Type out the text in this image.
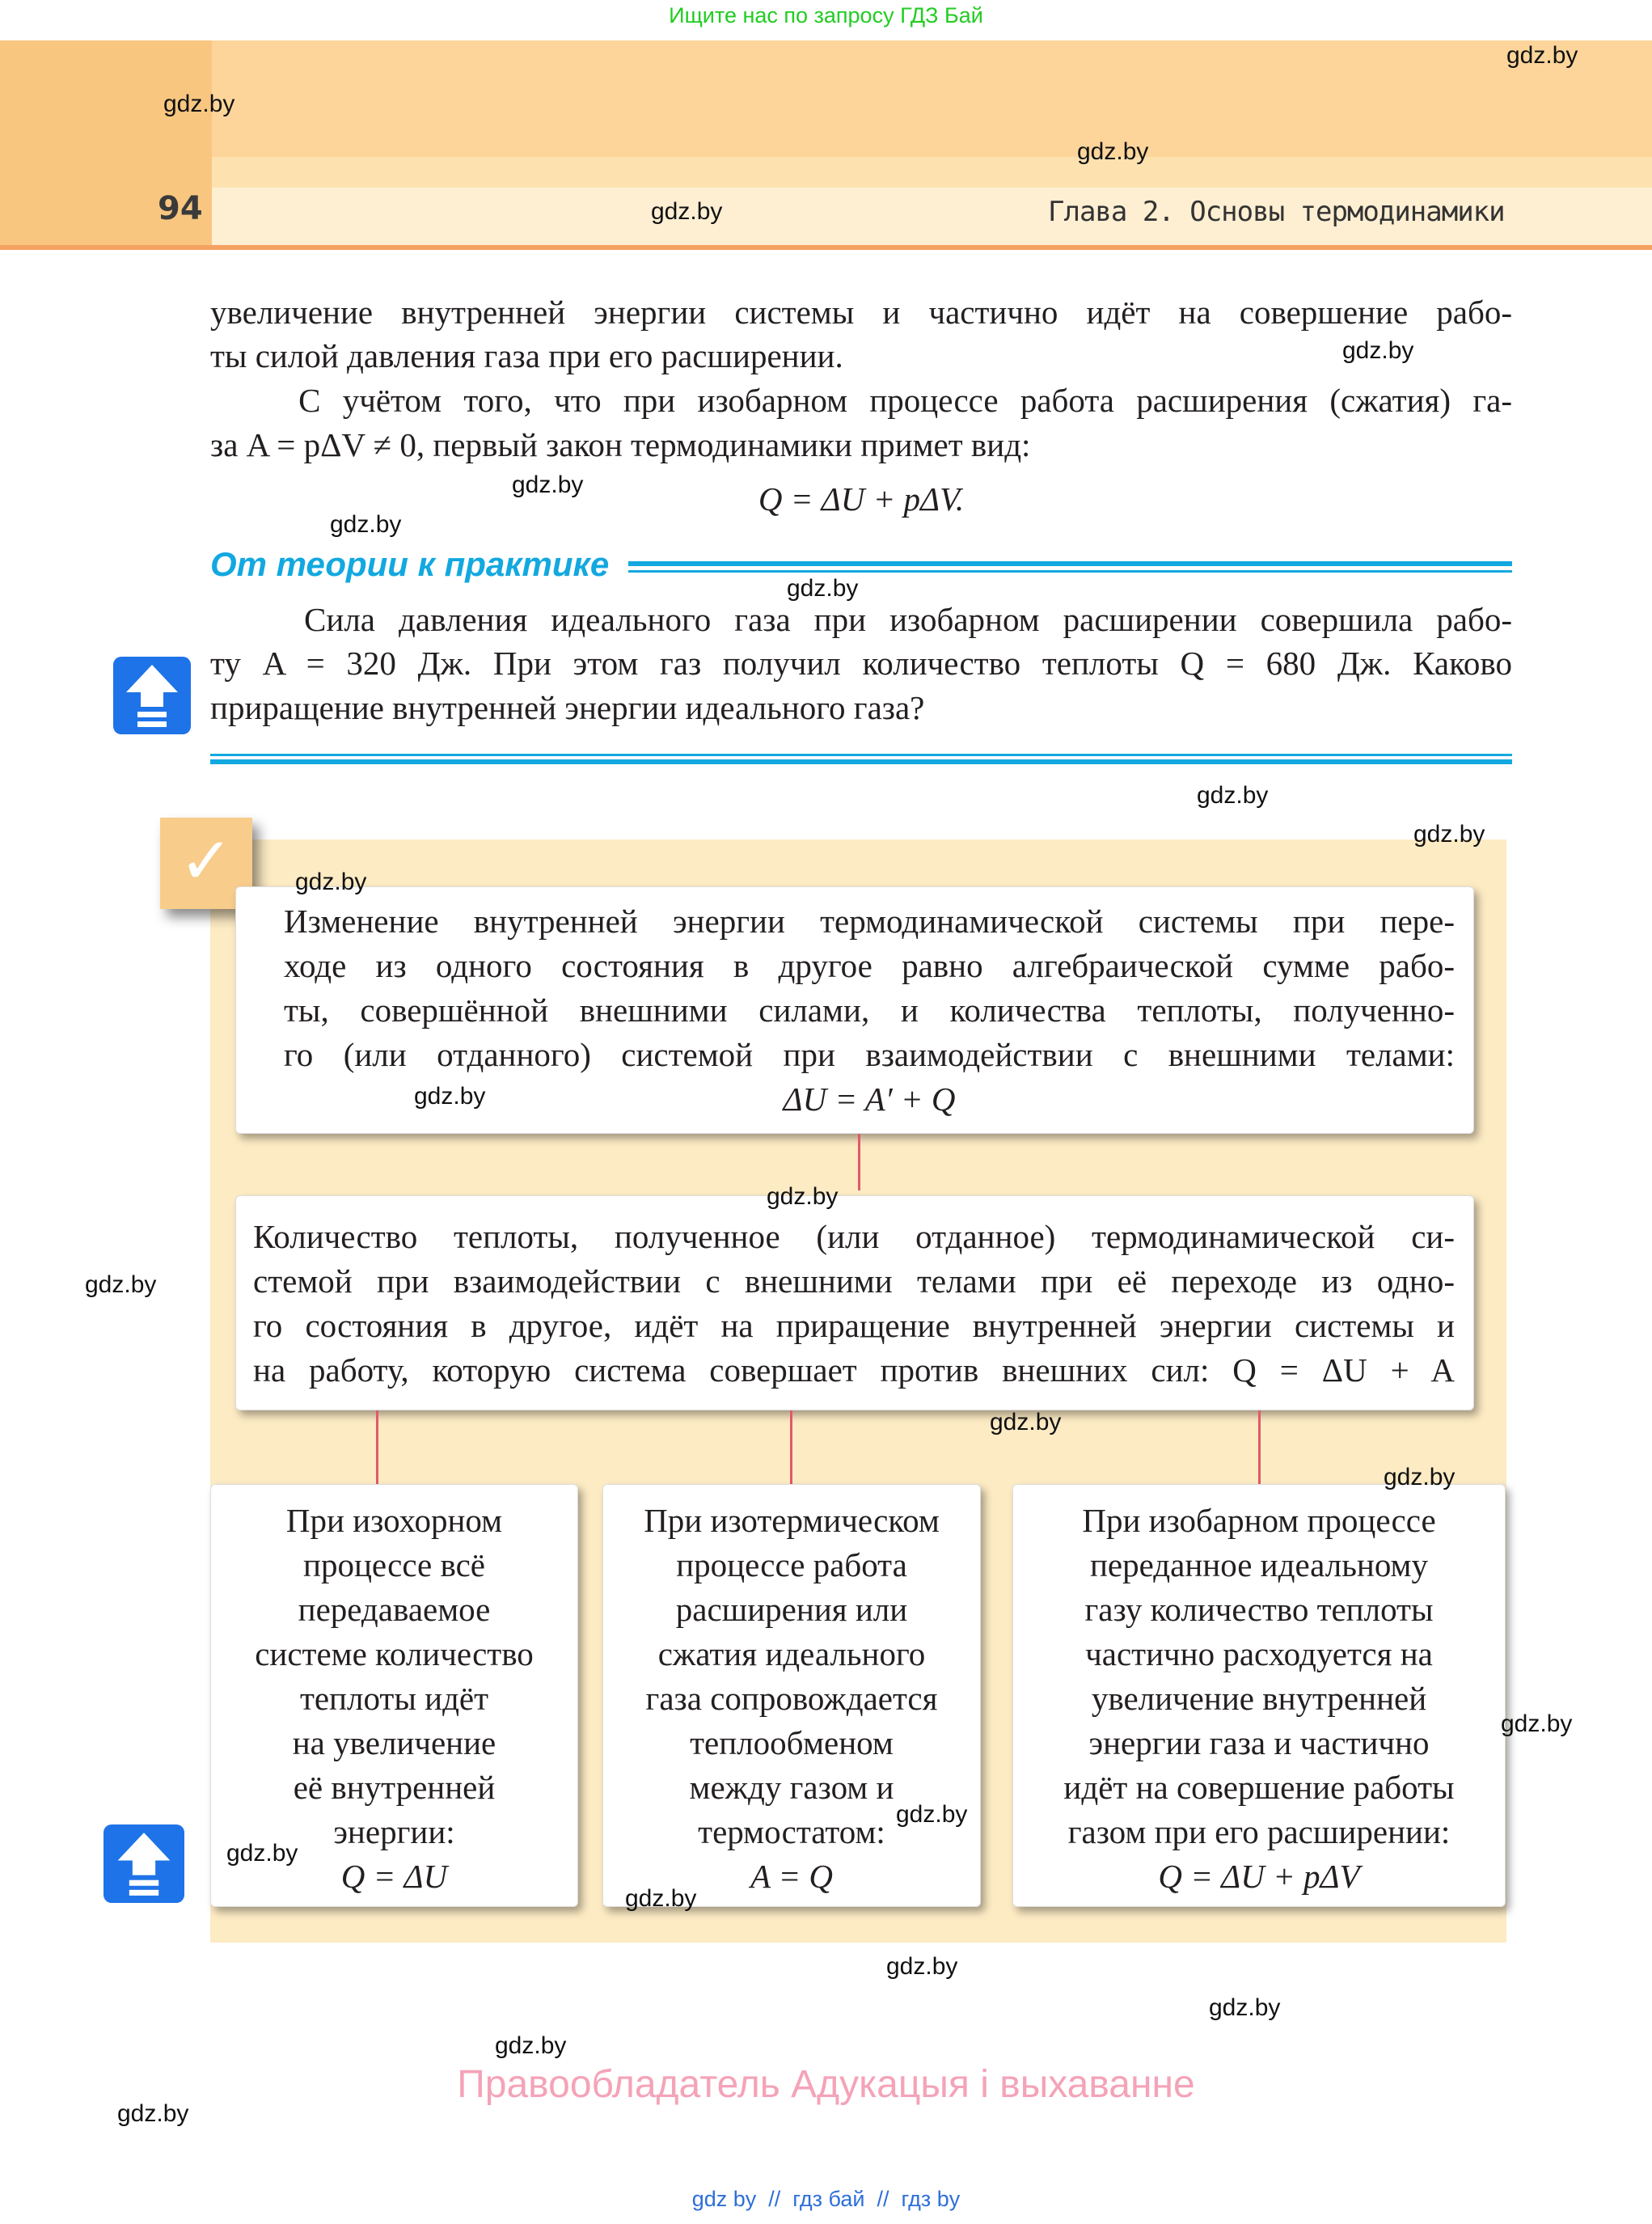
Ищите нас по запросу ГДЗ Бай
94	Глава 2. Основы термодинамики
увеличение внутренней энергии системы и частично идёт на совершение рабо-
ты силой давления газа при его расширении.
С учётом того, что при изобарном процессе работа расширения (сжатия) га-
за A = pΔV ≠ 0, первый закон термодинамики примет вид:
Q = ΔU + pΔV.
От теории к практике
Сила давления идеального газа при изобарном расширении совершила рабо-
ту A = 320 Дж. При этом газ получил количество теплоты Q = 680 Дж. Каково
приращение внутренней энергии идеального газа?
✓
Изменение внутренней энергии термодинамической системы при пере-
ходе из одного состояния в другое равно алгебраической сумме рабо-
ты, совершённой внешними силами, и количества теплоты, полученно-
го (или отданного) системой при взаимодействии с внешними телами:
ΔU = A′ + Q
Количество теплоты, полученное (или отданное) термодинамической си-
стемой при взаимодействии с внешними телами при её переходе из одно-
го состояния в другое, идёт на приращение внутренней энергии системы и
на работу, которую система совершает против внешних сил: Q = ΔU + A
При изохорном
процессе всё
передаваемое
системе количество
теплоты идёт
на увеличение
её внутренней
энергии:
Q = ΔU
При изотермическом
процессе работа
расширения или
сжатия идеального
газа сопровождается
теплообменом
между газом и
термостатом:
A = Q
При изобарном процессе
переданное идеальному
газу количество теплоты
частично расходуется на
увеличение внутренней
энергии газа и частично
идёт на совершение работы
газом при его расширении:
Q = ΔU + pΔV
gdz.by
gdz.by
gdz.by
gdz.by
gdz.by
gdz.by
gdz.by
gdz.by
gdz.by
gdz.by
gdz.by
gdz.by
gdz.by
gdz.by
gdz.by
gdz.by
gdz.by
gdz.by
gdz.by
gdz.by
gdz.by
gdz.by
gdz.by
gdz.by
Правообладатель Адукацыя і выхаванне
gdz by  //  гдз бай  //  гдз by
